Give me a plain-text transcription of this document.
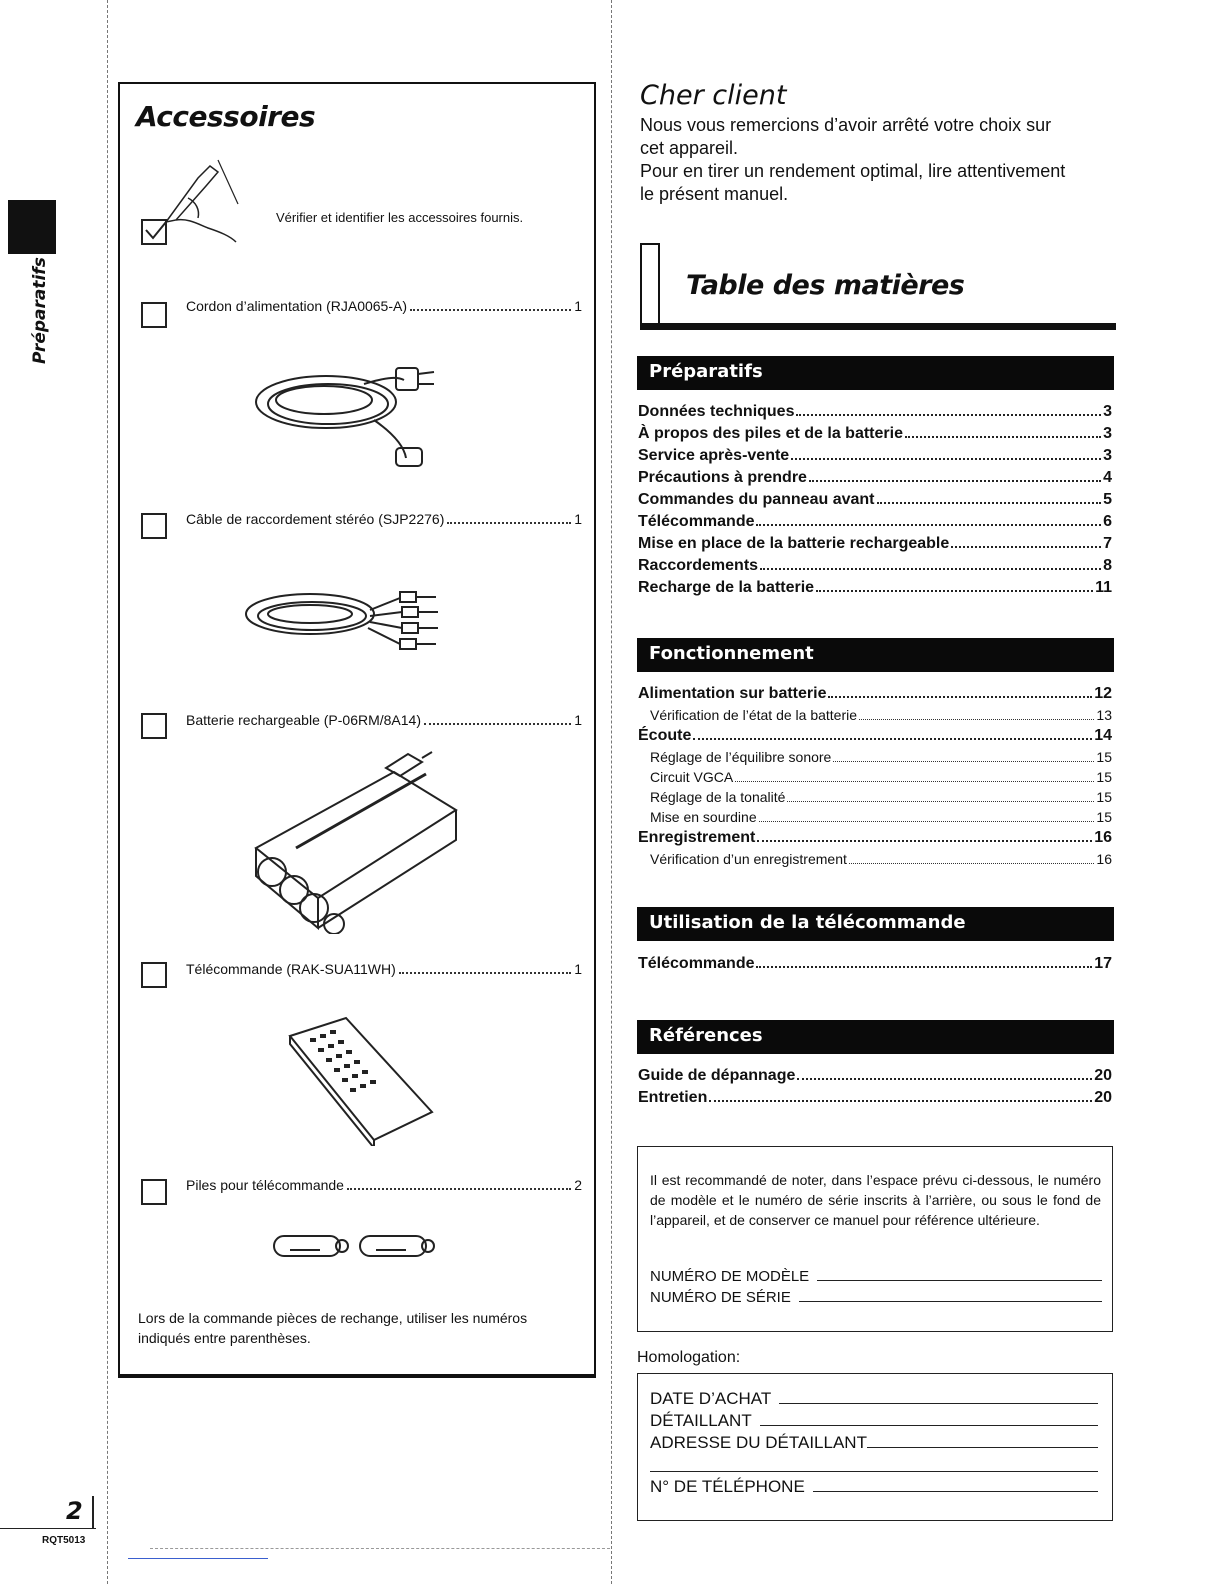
Préparatifs
Accessoires
Vérifier et identifier les accessoires fournis.
Cordon d’alimentation (RJA0065-A)	1
Câble de raccordement stéréo (SJP2276)	1
Batterie rechargeable (P-06RM/8A14)	1
Télécommande (RAK-SUA11WH)	1
Piles pour télécommande	2
Lors de la commande pièces de rechange, utiliser les numéros indiqués entre parenthèses.
Cher client
Nous vous remercions d’avoir arrêté votre choix sur
cet appareil.
Pour en tirer un rendement optimal, lire attentivement
le présent manuel.
Table des matières
Préparatifs
Données techniques	3
À propos des piles et de la batterie	3
Service après-vente	3
Précautions à prendre	4
Commandes du panneau avant	5
Télécommande	6
Mise en place de la batterie rechargeable	7
Raccordements	8
Recharge de la batterie	11
Fonctionnement
Alimentation sur batterie	12
Vérification de l’état de la batterie	13
Écoute	14
Réglage de l’équilibre sonore	15
Circuit VGCA	15
Réglage de la tonalité	15
Mise en sourdine	15
Enregistrement	16
Vérification d’un enregistrement	16
Utilisation de la télécommande
Télécommande	17
Références
Guide de dépannage	20
Entretien	20
Il est recommandé de noter, dans l’espace prévu ci-dessous, le numéro de modèle et le numéro de série inscrits à l’arrière, ou sous le fond de l’appareil, et de conserver ce manuel pour référence ultérieure.
NUMÉRO DE MODÈLE
NUMÉRO DE SÉRIE
Homologation:
DATE D’ACHAT
DÉTAILLANT
ADRESSE DU DÉTAILLANT
N° DE TÉLÉPHONE
2
RQT5013
